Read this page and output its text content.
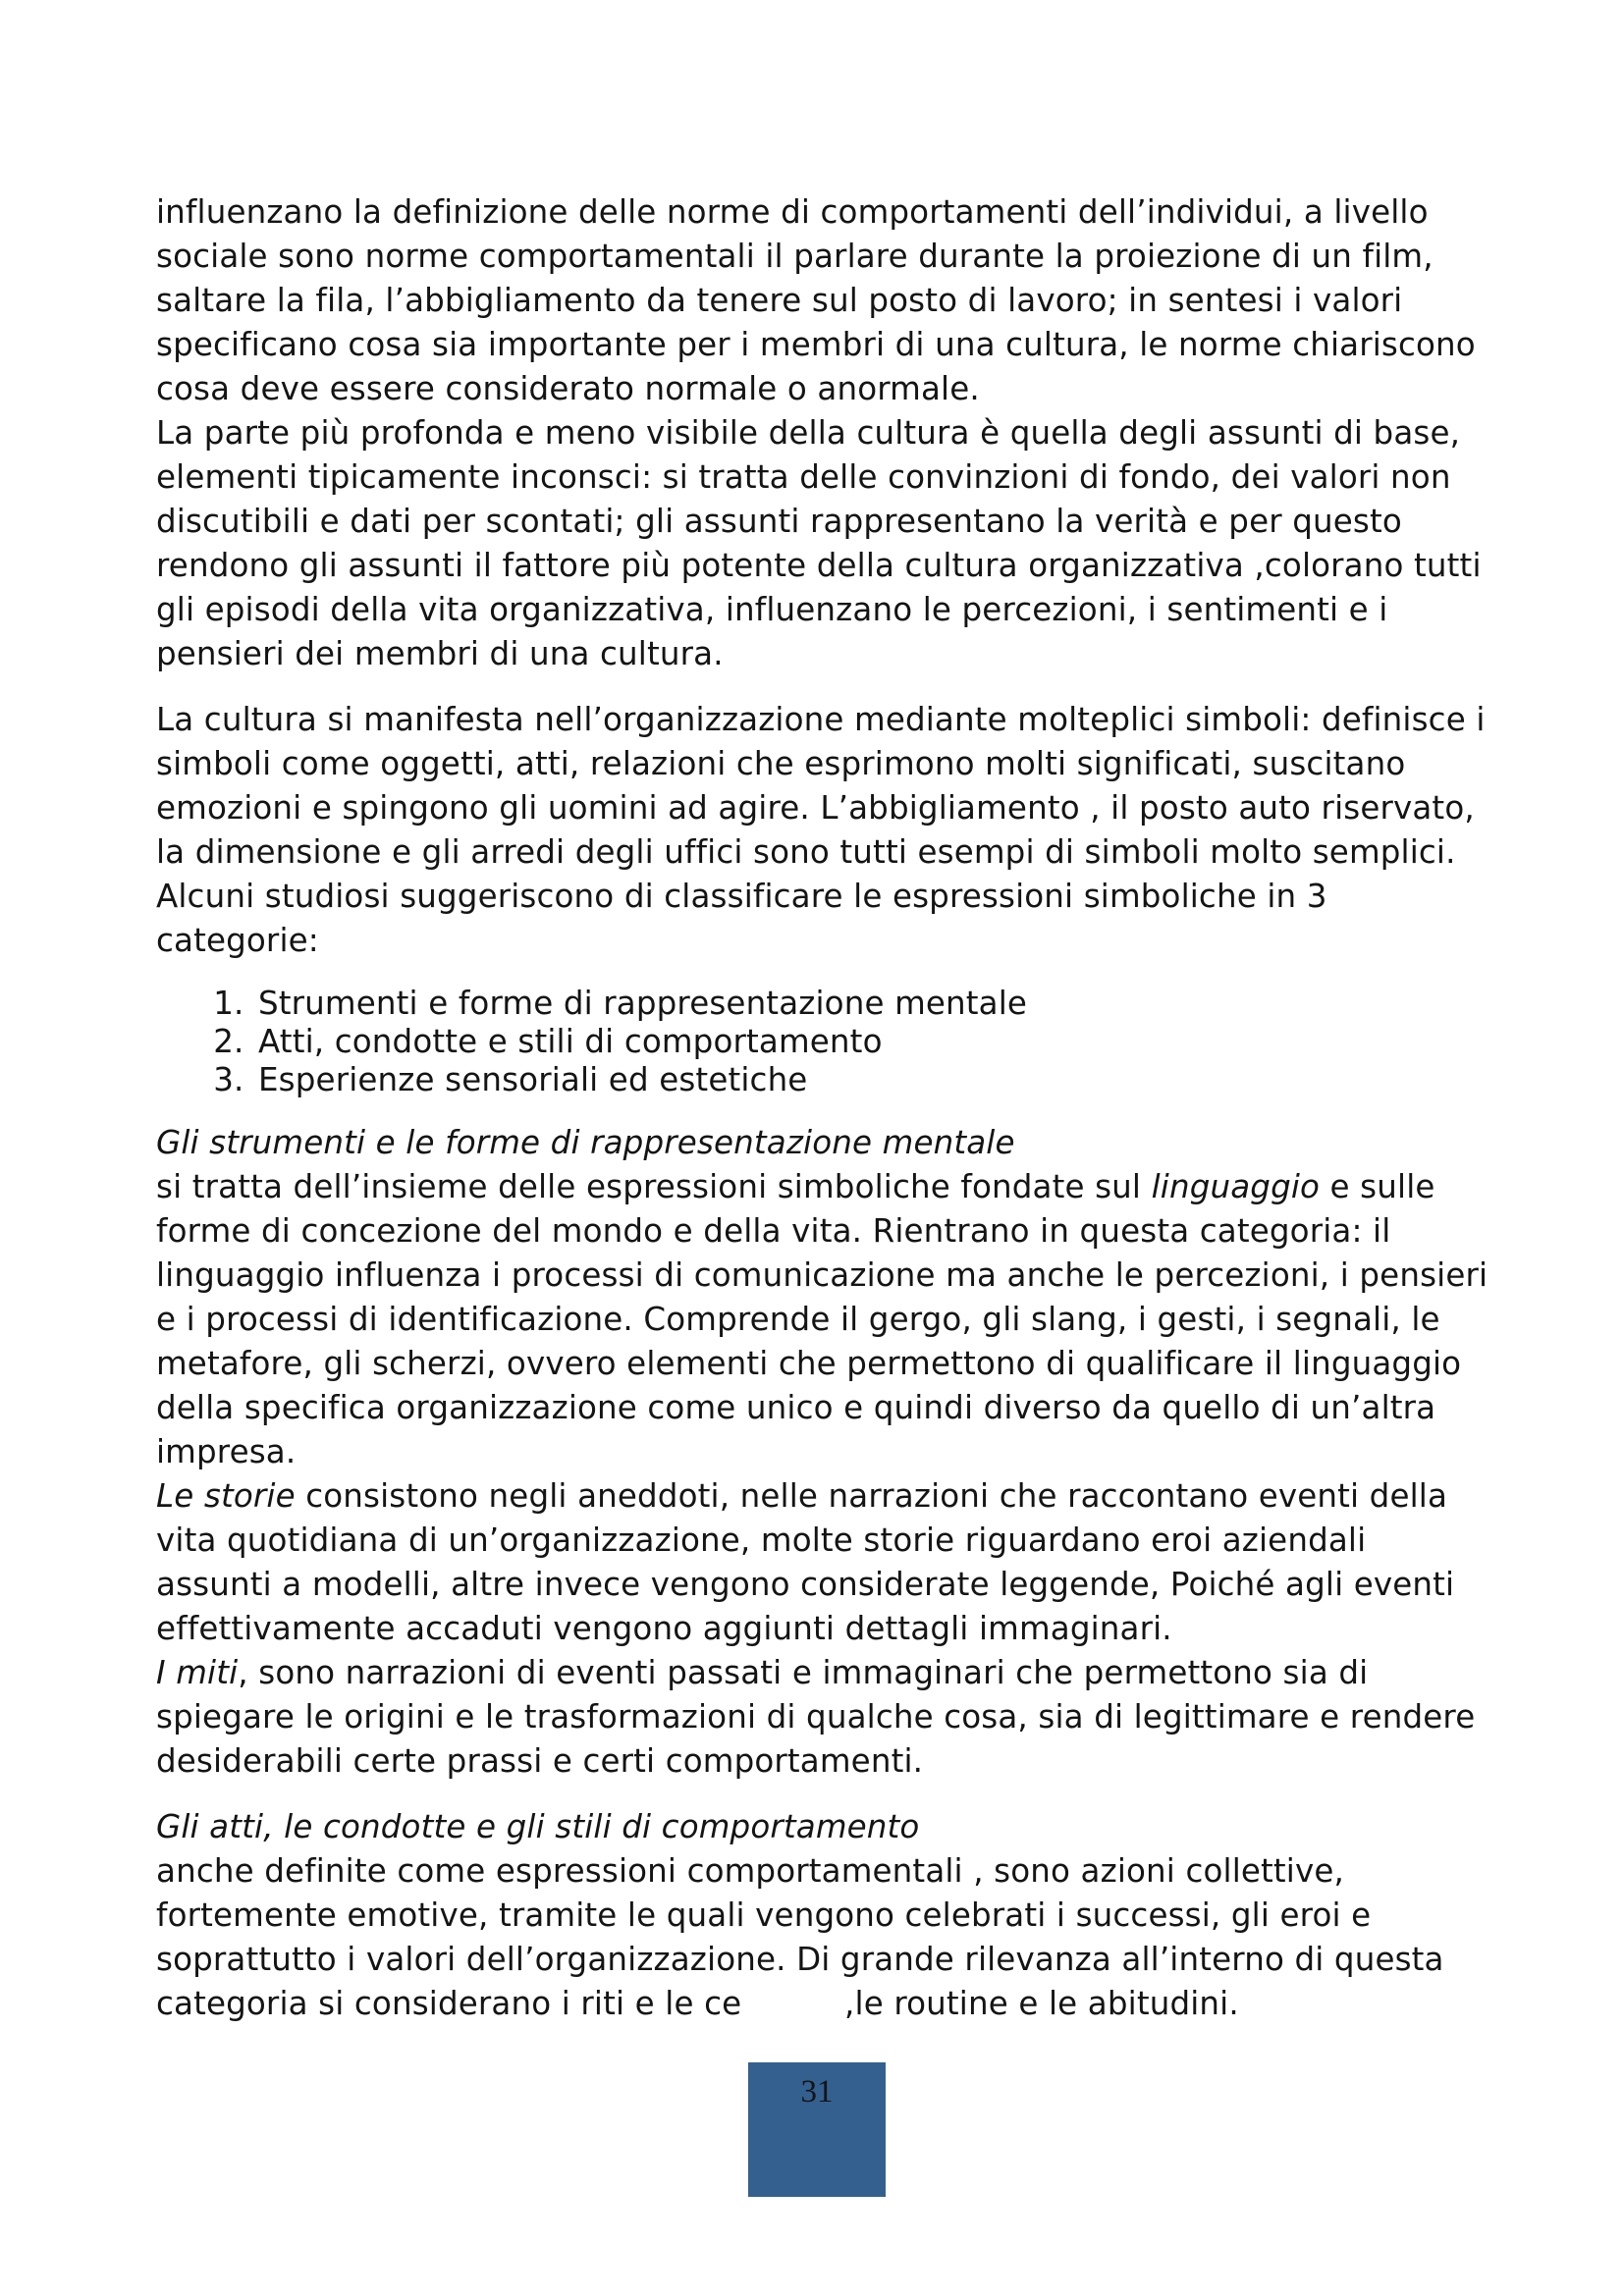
influenzano la definizione delle norme di comportamenti dell’individui, a livello sociale sono norme comportamentali il parlare durante la proiezione di un film, saltare la fila, l’abbigliamento da tenere sul posto di lavoro; in sentesi i valori specificano cosa sia importante per i membri di una cultura, le norme chiariscono cosa deve essere considerato normale o anormale.

La parte più profonda e meno visibile della cultura è quella degli assunti di base, elementi tipicamente inconsci: si tratta delle convinzioni di fondo, dei valori non discutibili e dati per scontati; gli assunti rappresentano la verità e per questo rendono gli assunti il fattore più potente della cultura organizzativa ,colorano tutti gli episodi della vita organizzativa, influenzano le percezioni, i sentimenti e i pensieri dei membri di una cultura.

La cultura si manifesta nell’organizzazione mediante molteplici simboli: definisce i simboli come oggetti, atti, relazioni che esprimono molti significati, suscitano emozioni e spingono gli uomini ad agire. L’abbigliamento , il posto auto riservato, la dimensione e gli arredi degli uffici sono tutti esempi di simboli molto semplici.

Alcuni studiosi suggeriscono di classificare le espressioni simboliche in 3 categorie:

1. Strumenti e forme di rappresentazione mentale
2. Atti, condotte e stili di comportamento
3. Esperienze sensoriali ed estetiche

Gli strumenti e le forme di rappresentazione mentale

si tratta dell’insieme delle espressioni simboliche fondate sul linguaggio e sulle forme di concezione del mondo e della vita. Rientrano in questa categoria: il linguaggio influenza i processi di comunicazione ma anche le percezioni, i pensieri e i processi di identificazione. Comprende il gergo, gli slang, i gesti, i segnali, le metafore, gli scherzi, ovvero elementi che permettono di qualificare il linguaggio della specifica organizzazione come unico e quindi diverso da quello di un’altra impresa.

Le storie consistono negli aneddoti, nelle narrazioni che raccontano eventi della vita quotidiana di un’organizzazione, molte storie riguardano eroi aziendali assunti a modelli, altre invece vengono considerate leggende, Poiché agli eventi effettivamente accaduti vengono aggiunti dettagli immaginari.

I miti, sono narrazioni di eventi passati e immaginari che permettono sia di spiegare le origini e le trasformazioni di qualche cosa, sia di legittimare e rendere desiderabili certe prassi e certi comportamenti.

Gli atti, le condotte e gli stili di comportamento

anche definite come espressioni comportamentali , sono azioni collettive, fortemente emotive, tramite le quali vengono celebrati i successi, gli eroi e soprattutto i valori dell’organizzazione. Di grande rilevanza all’interno di questa categoria si considerano i riti e le ce          ,le routine e le abitudini.

31
